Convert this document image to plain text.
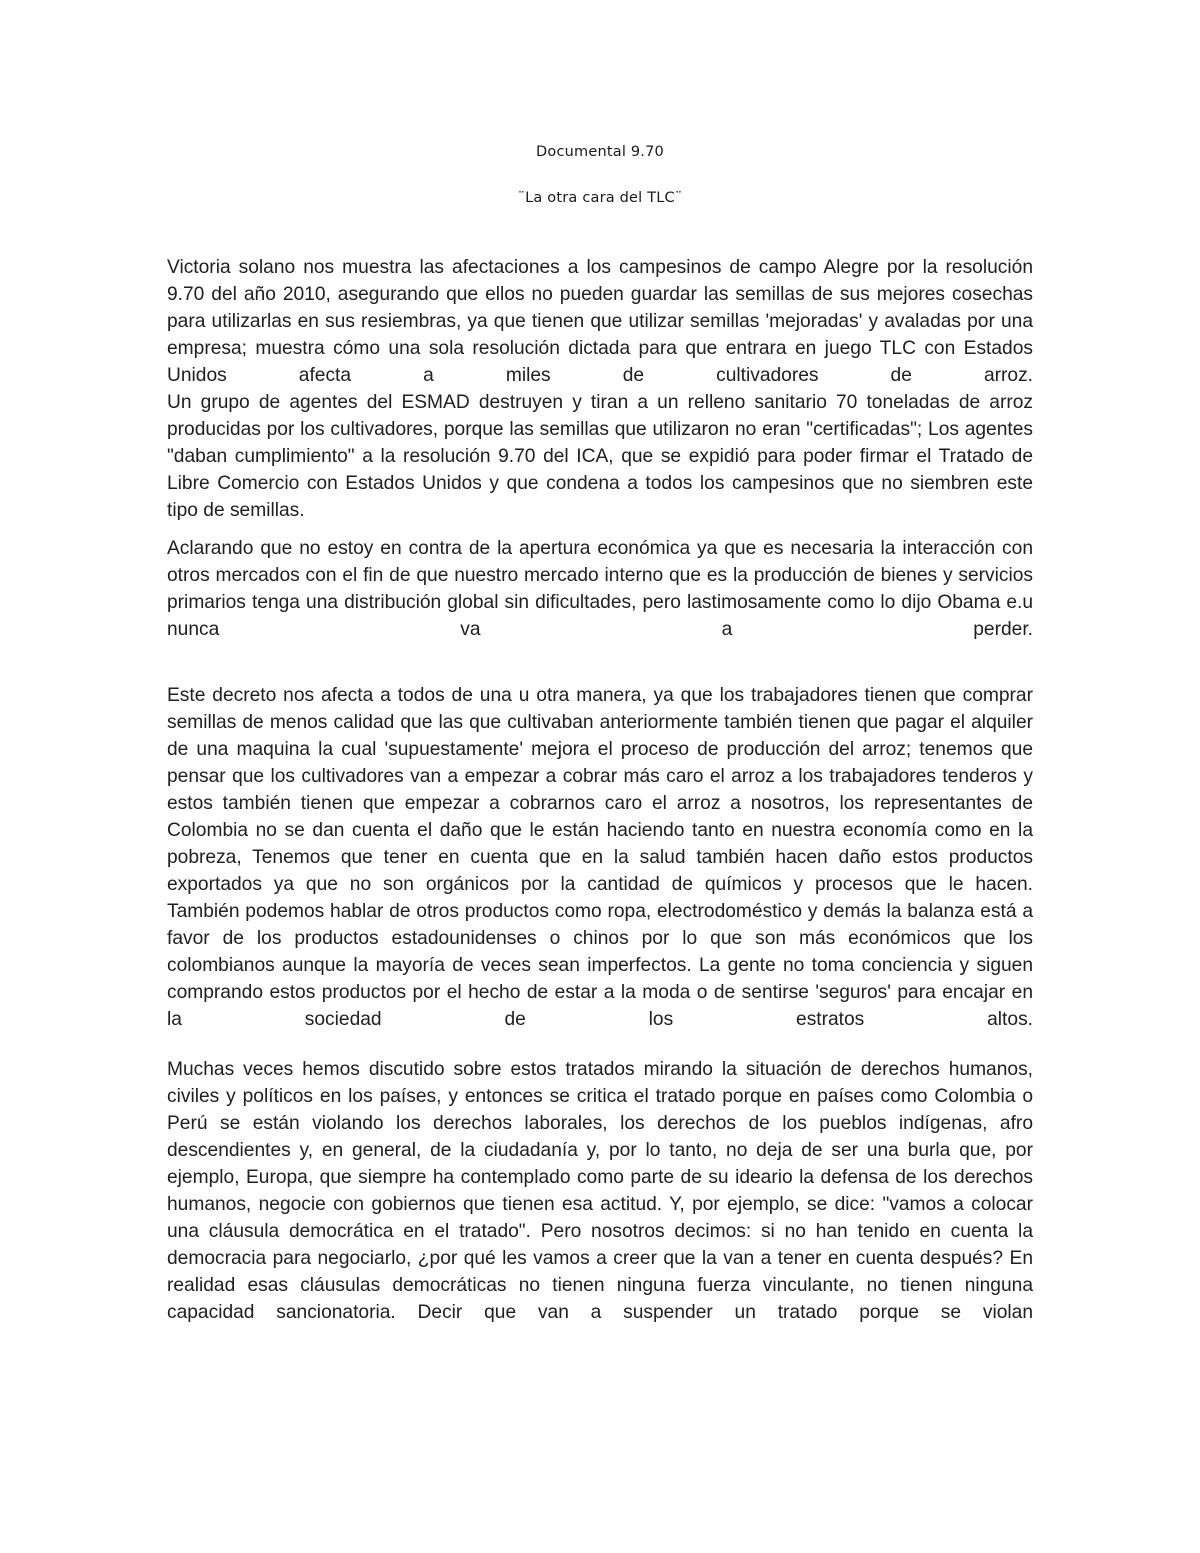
Documental 9.70

¨La otra cara del TLC¨

Victoria solano nos muestra las afectaciones a los campesinos de campo Alegre por la resolución 9.70 del año 2010, asegurando que ellos no pueden guardar las semillas de sus mejores cosechas para utilizarlas en sus resiembras, ya que tienen que utilizar semillas 'mejoradas' y avaladas por una empresa; muestra cómo una sola resolución dictada para que entrara en juego TLC con Estados Unidos afecta a miles de cultivadores de arroz.
Un grupo de agentes del ESMAD destruyen y tiran a un relleno sanitario 70 toneladas de arroz producidas por los cultivadores, porque las semillas que utilizaron no eran "certificadas"; Los agentes "daban cumplimiento" a la resolución 9.70 del ICA, que se expidió para poder firmar el Tratado de Libre Comercio con Estados Unidos y que condena a todos los campesinos que no siembren este tipo de semillas.

Aclarando que no estoy en contra de la apertura económica ya que es necesaria la interacción con otros mercados con el fin de que nuestro mercado interno que es la producción de bienes y servicios primarios tenga una distribución global sin dificultades, pero lastimosamente como lo dijo Obama e.u nunca va a perder.

Este decreto nos afecta a todos de una u otra manera, ya que los trabajadores tienen que comprar semillas de menos calidad que las que cultivaban anteriormente también tienen que pagar el alquiler de una maquina la cual 'supuestamente' mejora el proceso de producción del arroz; tenemos que pensar que los cultivadores van a empezar a cobrar más caro el arroz a los trabajadores tenderos y estos también tienen que empezar a cobrarnos caro el arroz a nosotros, los representantes de Colombia no se dan cuenta el daño que le están haciendo tanto en nuestra economía como en la pobreza, Tenemos que tener en cuenta que en la salud también hacen daño estos productos exportados ya que no son orgánicos por la cantidad de químicos y procesos que le hacen.
También podemos hablar de otros productos como ropa, electrodoméstico y demás la balanza está a favor de los productos estadounidenses o chinos por lo que son más económicos que los colombianos aunque la mayoría de veces sean imperfectos. La gente no toma conciencia y siguen comprando estos productos por el hecho de estar a la moda o de sentirse 'seguros' para encajar en la sociedad de los estratos altos.

Muchas veces hemos discutido sobre estos tratados mirando la situación de derechos humanos, civiles y políticos en los países, y entonces se critica el tratado porque en países como Colombia o Perú se están violando los derechos laborales, los derechos de los pueblos indígenas, afro descendientes y, en general, de la ciudadanía y, por lo tanto, no deja de ser una burla que, por ejemplo, Europa, que siempre ha contemplado como parte de su ideario la defensa de los derechos humanos, negocie con gobiernos que tienen esa actitud. Y, por ejemplo, se dice: "vamos a colocar una cláusula democrática en el tratado". Pero nosotros decimos: si no han tenido en cuenta la democracia para negociarlo, ¿por qué les vamos a creer que la van a tener en cuenta después? En realidad esas cláusulas democráticas no tienen ninguna fuerza vinculante, no tienen ninguna capacidad sancionatoria. Decir que van a suspender un tratado porque se violan
